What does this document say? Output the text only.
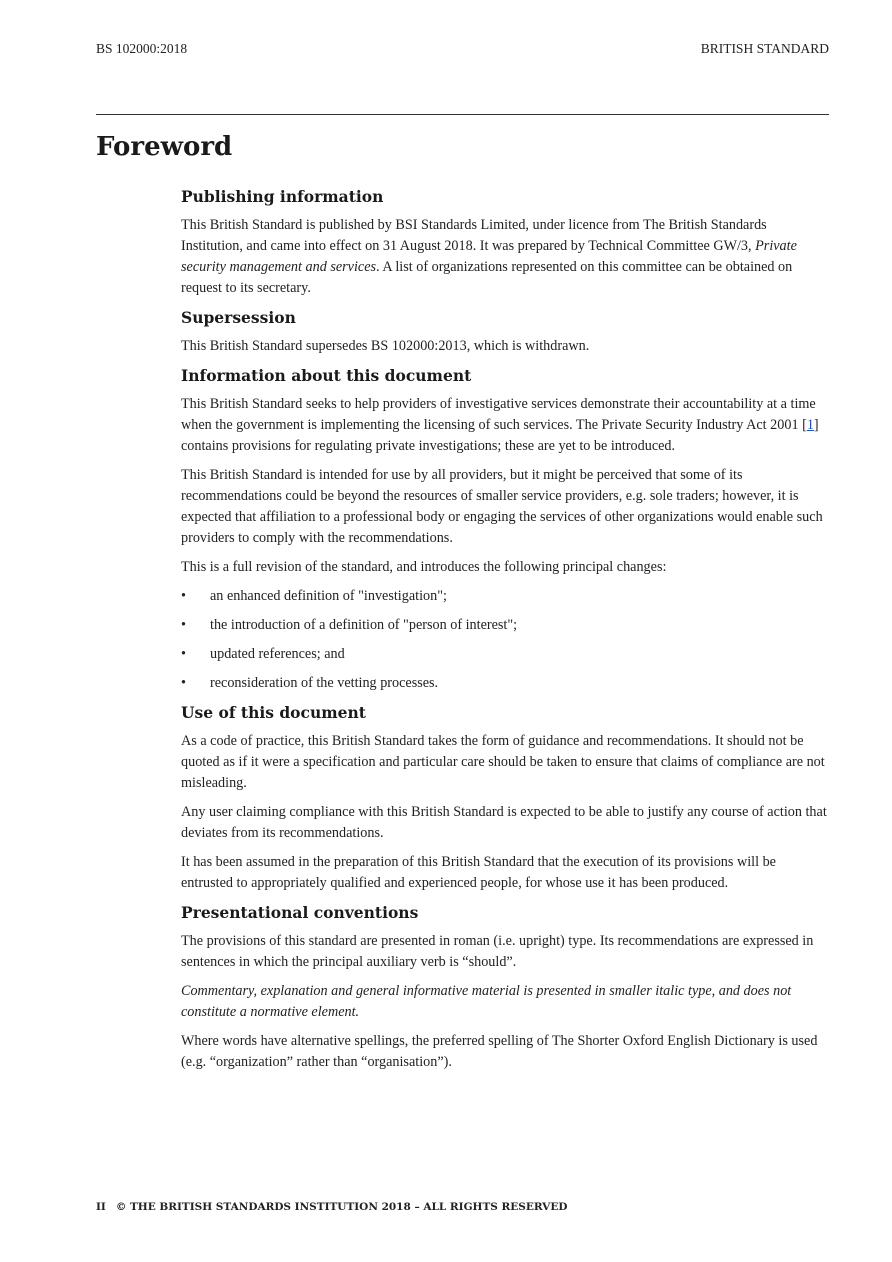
BS 102000:2018	BRITISH STANDARD
Foreword
Publishing information

This British Standard is published by BSI Standards Limited, under licence from The British Standards Institution, and came into effect on 31 August 2018. It was prepared by Technical Committee GW/3, Private security management and services. A list of organizations represented on this committee can be obtained on request to its secretary.

Supersession

This British Standard supersedes BS 102000:2013, which is withdrawn.

Information about this document

This British Standard seeks to help providers of investigative services demonstrate their accountability at a time when the government is implementing the licensing of such services. The Private Security Industry Act 2001 [1] contains provisions for regulating private investigations; these are yet to be introduced.

This British Standard is intended for use by all providers, but it might be perceived that some of its recommendations could be beyond the resources of smaller service providers, e.g. sole traders; however, it is expected that affiliation to a professional body or engaging the services of other organizations would enable such providers to comply with the recommendations.

This is a full revision of the standard, and introduces the following principal changes:

• an enhanced definition of "investigation";
• the introduction of a definition of "person of interest";
• updated references; and
• reconsideration of the vetting processes.
Use of this document

As a code of practice, this British Standard takes the form of guidance and recommendations. It should not be quoted as if it were a specification and particular care should be taken to ensure that claims of compliance are not misleading.

Any user claiming compliance with this British Standard is expected to be able to justify any course of action that deviates from its recommendations.

It has been assumed in the preparation of this British Standard that the execution of its provisions will be entrusted to appropriately qualified and experienced people, for whose use it has been produced.

Presentational conventions

The provisions of this standard are presented in roman (i.e. upright) type. Its recommendations are expressed in sentences in which the principal auxiliary verb is “should”.

Commentary, explanation and general informative material is presented in smaller italic type, and does not constitute a normative element.

Where words have alternative spellings, the preferred spelling of The Shorter Oxford English Dictionary is used (e.g. “organization” rather than “organisation”).

II © THE BRITISH STANDARDS INSTITUTION 2018 – ALL RIGHTS RESERVED
